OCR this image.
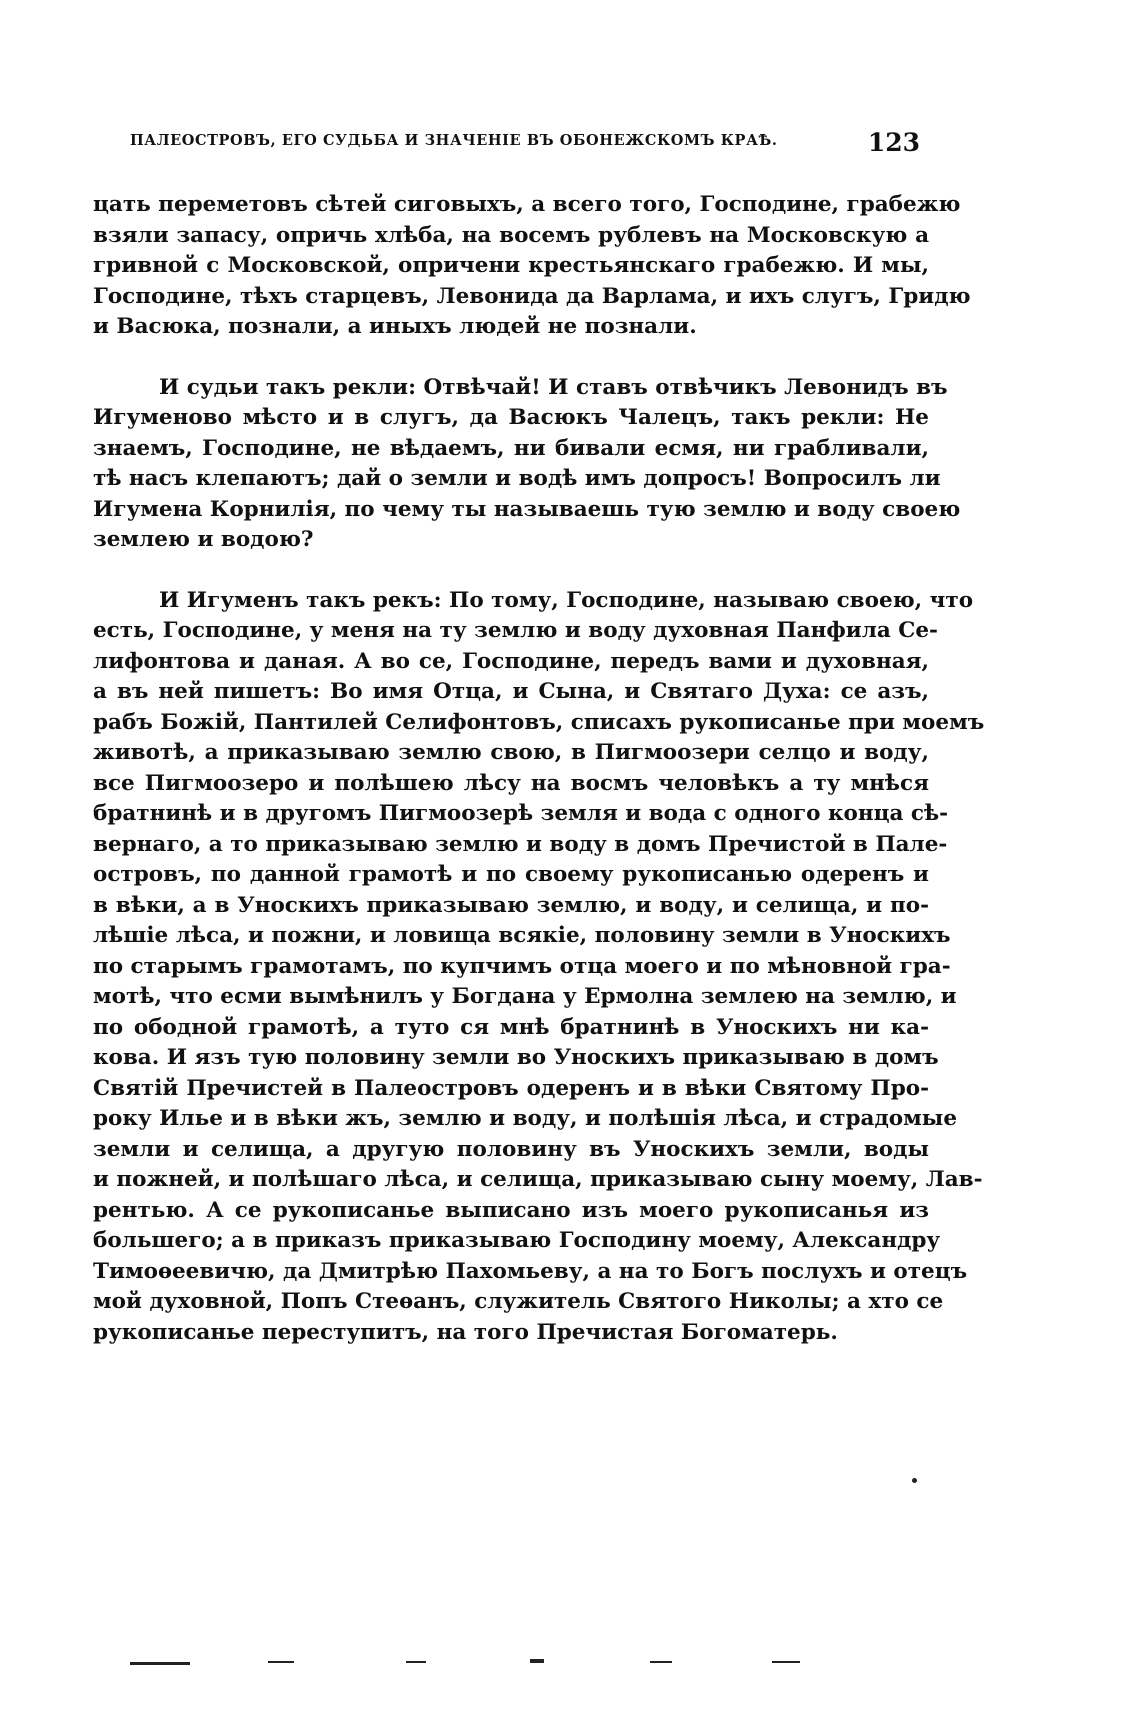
ПАЛЕОСТРОВЪ, ЕГО СУДЬБА И ЗНАЧЕНІЕ ВЪ ОБОНЕЖСКОМЪ КРАѢ.	123
цать переметовъ сѣтей сиговыхъ, а всего того, Господине, грабежю
взяли запасу, опричь хлѣба, на восемъ рублевъ на Московскую а
гривной с Московской, опричени крестьянскаго грабежю. И мы,
Господине, тѣхъ старцевъ, Левонида да Варлама, и ихъ слугъ, Гридю
и Васюка, познали, а иныхъ людей не познали.
И судьи такъ рекли: Отвѣчай! И ставъ отвѣчикъ Левонидъ въ
Игуменово мѣсто и в слугъ, да Васюкъ Чалецъ, такъ рекли: Не
знаемъ, Господине, не вѣдаемъ, ни бивали есмя, ни грабливали,
тѣ насъ клепаютъ; дай о земли и водѣ имъ допросъ! Вопросилъ ли
Игумена Корнилія, по чему ты называешь тую землю и воду своею
землею и водою?
И Игуменъ такъ рекъ: По тому, Господине, называю своею, что
есть, Господине, у меня на ту землю и воду духовная Панфила Се-
лифонтова и даная. А во се, Господине, передъ вами и духовная,
а въ ней пишетъ: Во имя Отца, и Сына, и Святаго Духа: се азъ,
рабъ Божій, Пантилей Селифонтовъ, списахъ рукописанье при моемъ
животѣ, а приказываю землю свою, в Пигмоозери селцо и воду,
все Пигмоозеро и полѣшею лѣсу на восмъ человѣкъ а ту мнѣся
братнинѣ и в другомъ Пигмоозерѣ земля и вода с одного конца сѣ-
вернаго, а то приказываю землю и воду в домъ Пречистой в Пале-
островъ, по данной грамотѣ и по своему рукописанью одеренъ и
в вѣки, а в Уноскихъ приказываю землю, и воду, и селища, и по-
лѣшіе лѣса, и пожни, и ловища всякіе, половину земли в Уноскихъ
по старымъ грамотамъ, по купчимъ отца моего и по мѣновной гра-
мотѣ, что есми вымѣнилъ у Богдана у Ермолна землею на землю, и
по ободной грамотѣ, а туто ся мнѣ братнинѣ в Уноскихъ ни ка-
кова. И язъ тую половину земли во Уноскихъ приказываю в домъ
Святій Пречистей в Палеостровъ одеренъ и в вѣки Святому Про-
року Илье и в вѣки жъ, землю и воду, и полѣшія лѣса, и страдомые
земли и селища, а другую половину въ Уноскихъ земли, воды
и пожней, и полѣшаго лѣса, и селища, приказываю сыну моему, Лав-
рентью. А се рукописанье выписано изъ моего рукописанья из
большего; а в приказъ приказываю Господину моему, Александру
Тимоѳеевичю, да Дмитрѣю Пахомьеву, а на то Богъ послухъ и отецъ
мой духовной, Попъ Стеѳанъ, служитель Святого Николы; а хто се
рукописанье переступитъ, на того Пречистая Богоматерь.
